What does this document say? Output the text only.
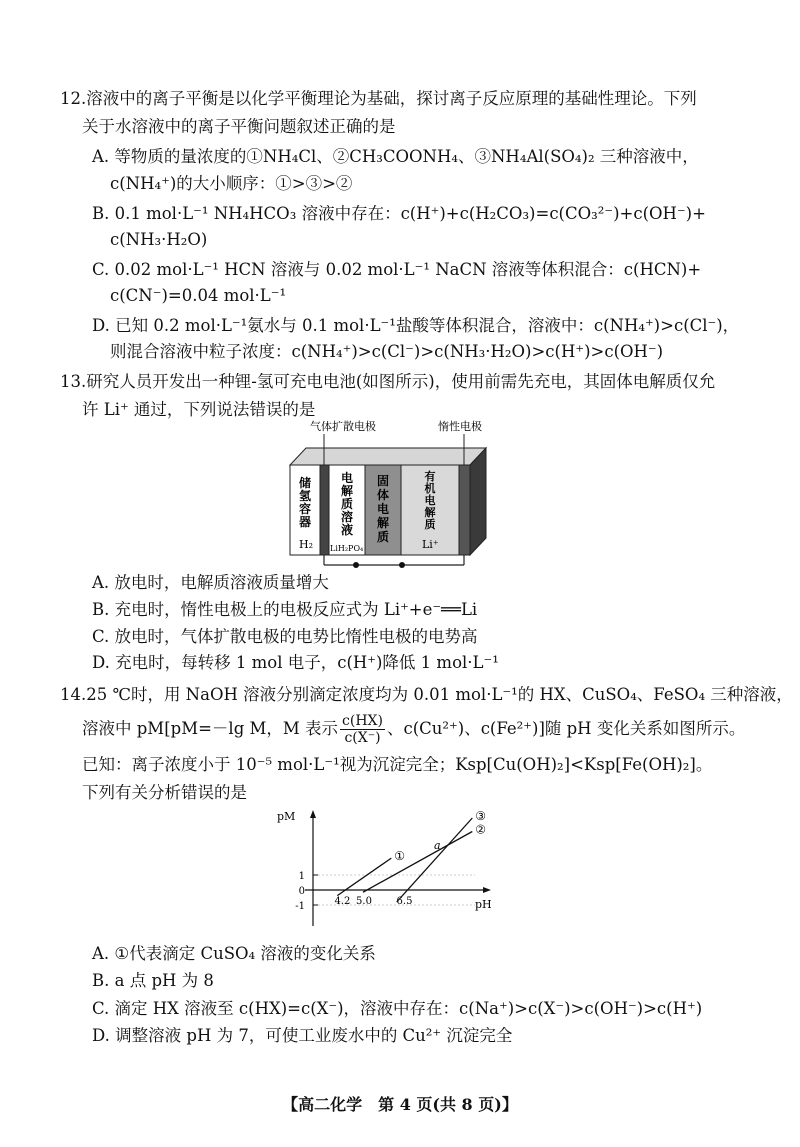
12.溶液中的离子平衡是以化学平衡理论为基础，探讨离子反应原理的基础性理论。下列
关于水溶液中的离子平衡问题叙述正确的是
A. 等物质的量浓度的①NH₄Cl、②CH₃COONH₄、③NH₄Al(SO₄)₂ 三种溶液中，
c(NH₄⁺)的大小顺序：①>③>②
B. 0.1 mol·L⁻¹ NH₄HCO₃ 溶液中存在：c(H⁺)+c(H₂CO₃)=c(CO₃²⁻)+c(OH⁻)+
c(NH₃·H₂O)
C. 0.02 mol·L⁻¹ HCN 溶液与 0.02 mol·L⁻¹ NaCN 溶液等体积混合：c(HCN)+
c(CN⁻)=0.04 mol·L⁻¹
D. 已知 0.2 mol·L⁻¹氨水与 0.1 mol·L⁻¹盐酸等体积混合，溶液中：c(NH₄⁺)>c(Cl⁻)，
则混合溶液中粒子浓度：c(NH₄⁺)>c(Cl⁻)>c(NH₃·H₂O)>c(H⁺)>c(OH⁻)
13.研究人员开发出一种锂-氢可充电电池(如图所示)，使用前需先充电，其固体电解质仅允
许 Li⁺ 通过，下列说法错误的是
气体扩散电极	惰性电极
储
氢
容
器
电
解
质
溶
液
固
体
电
解
质
有
机
电
解
质
H₂ LiH₂PO₄	Li⁺
A. 放电时，电解质溶液质量增大
B. 充电时，惰性电极上的电极反应式为 Li⁺+e⁻══Li
C. 放电时，气体扩散电极的电势比惰性电极的电势高
D. 充电时，每转移 1 mol 电子，c(H⁺)降低 1 mol·L⁻¹
14.25 ℃时，用 NaOH 溶液分别滴定浓度均为 0.01 mol·L⁻¹的 HX、CuSO₄、FeSO₄ 三种溶液，
溶液中 pM[pM=－lg M，M 表示 $\frac{c(HX)}{c(X^-)}$ 、c(Cu²⁺)、c(Fe²⁺)]随 pH 变化关系如图所示。
已知：离子浓度小于 10⁻⁵ mol·L⁻¹视为沉淀完全；Ksp[Cu(OH)₂]<Ksp[Fe(OH)₂]。
下列有关分析错误的是
pM
pH
1
0
-1	4.2 5.0 6.5
①
②
③
a
A. ①代表滴定 CuSO₄ 溶液的变化关系
B. a 点 pH 为 8
C. 滴定 HX 溶液至 c(HX)=c(X⁻)，溶液中存在：c(Na⁺)>c(X⁻)>c(OH⁻)>c(H⁺)
D. 调整溶液 pH 为 7，可使工业废水中的 Cu²⁺ 沉淀完全
【高二化学　第 4 页(共 8 页)】
